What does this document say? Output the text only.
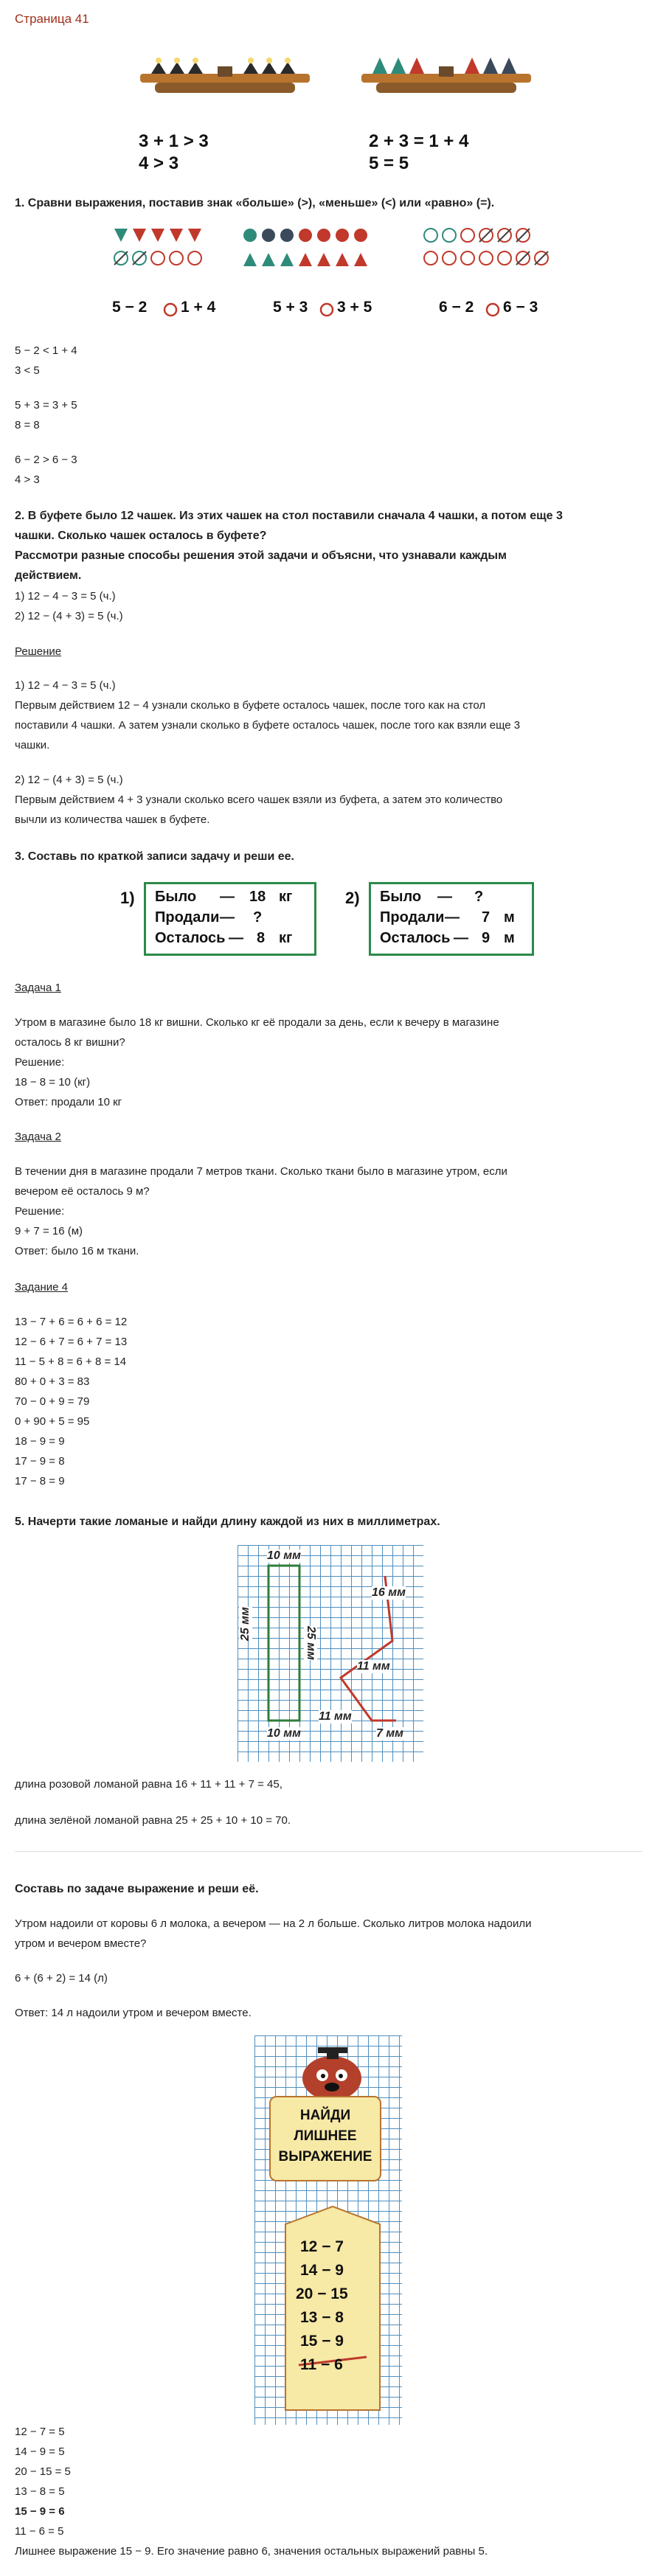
Страница 41
3 + 1 > 3
4 > 3
2 + 3 = 1 + 4
5 = 5
1. Сравни выражения, поставив знак «больше» (>), «меньше» (<) или «равно» (=).
5 − 2 1 + 4	5 + 3 3 + 5	6 − 2 6 − 3
5 − 2 < 1 + 4
3 < 5
5 + 3 = 3 + 5
8 = 8
6 − 2 > 6 − 3
4 > 3
2. В буфете было 12 чашек. Из этих чашек на стол поставили сначала 4 чашки, а потом еще 3
чашки. Сколько чашек осталось в буфете?
Рассмотри разные способы решения этой задачи и объясни, что узнавали каждым
действием.
1) 12 − 4 − 3 = 5 (ч.)
2) 12 − (4 + 3) = 5 (ч.)
Решение
1) 12 − 4 − 3 = 5 (ч.)
Первым действием 12 − 4 узнали сколько в буфете осталось чашек, после того как на стол
поставили 4 чашки. А затем узнали сколько в буфете осталось чашек, после того как взяли еще 3
чашки.
2) 12 − (4 + 3) = 5 (ч.)
Первым действием 4 + 3 узнали сколько всего чашек взяли из буфета, а затем это количество
вычли из количества чашек в буфете.
3. Составь по краткой записи задачу и реши ее.
1) Было — 18 кг
Продали — ?
Осталось — 8 кг
2) Было — ?
Продали — 7 м
Осталось — 9 м
Задача 1
Утром в магазине было 18 кг вишни. Сколько кг её продали за день, если к вечеру в магазине
осталось 8 кг вишни?
Решение:
18 − 8 = 10 (кг)
Ответ: продали 10 кг
Задача 2
В течении дня в магазине продали 7 метров ткани. Сколько ткани было в магазине утром, если
вечером её осталось 9 м?
Решение:
9 + 7 = 16 (м)
Ответ: было 16 м ткани.
Задание 4
13 − 7 + 6 = 6 + 6 = 12
12 − 6 + 7 = 6 + 7 = 13
11 − 5 + 8 = 6 + 8 = 14
80 + 0 + 3 = 83
70 − 0 + 9 = 79
0 + 90 + 5 = 95
18 − 9 = 9
17 − 9 = 8
17 − 8 = 9
5. Начерти такие ломаные и найди длину каждой из них в миллиметрах.
10 мм
25 мм
25 мм
10 мм
16 мм
11 мм
11 мм
7 мм
длина розовой ломаной равна 16 + 11 + 11 + 7 = 45,
длина зелёной ломаной равна 25 + 25 + 10 + 10 = 70.
Составь по задаче выражение и реши её.
Утром надоили от коровы 6 л молока, а вечером — на 2 л больше. Сколько литров молока надоили
утром и вечером вместе?
6 + (6 + 2) = 14 (л)
Ответ: 14 л надоили утром и вечером вместе.
НАЙДИ
ЛИШНЕЕ
ВЫРАЖЕНИЕ
12 − 7
14 − 9
20 − 15
13 − 8
15 − 9
11 − 6
12 − 7 = 5
14 − 9 = 5
20 − 15 = 5
13 − 8 = 5
15 − 9 = 6
11 − 6 = 5
Лишнее выражение 15 − 9. Его значение равно 6, значения остальных выражений равны 5.
